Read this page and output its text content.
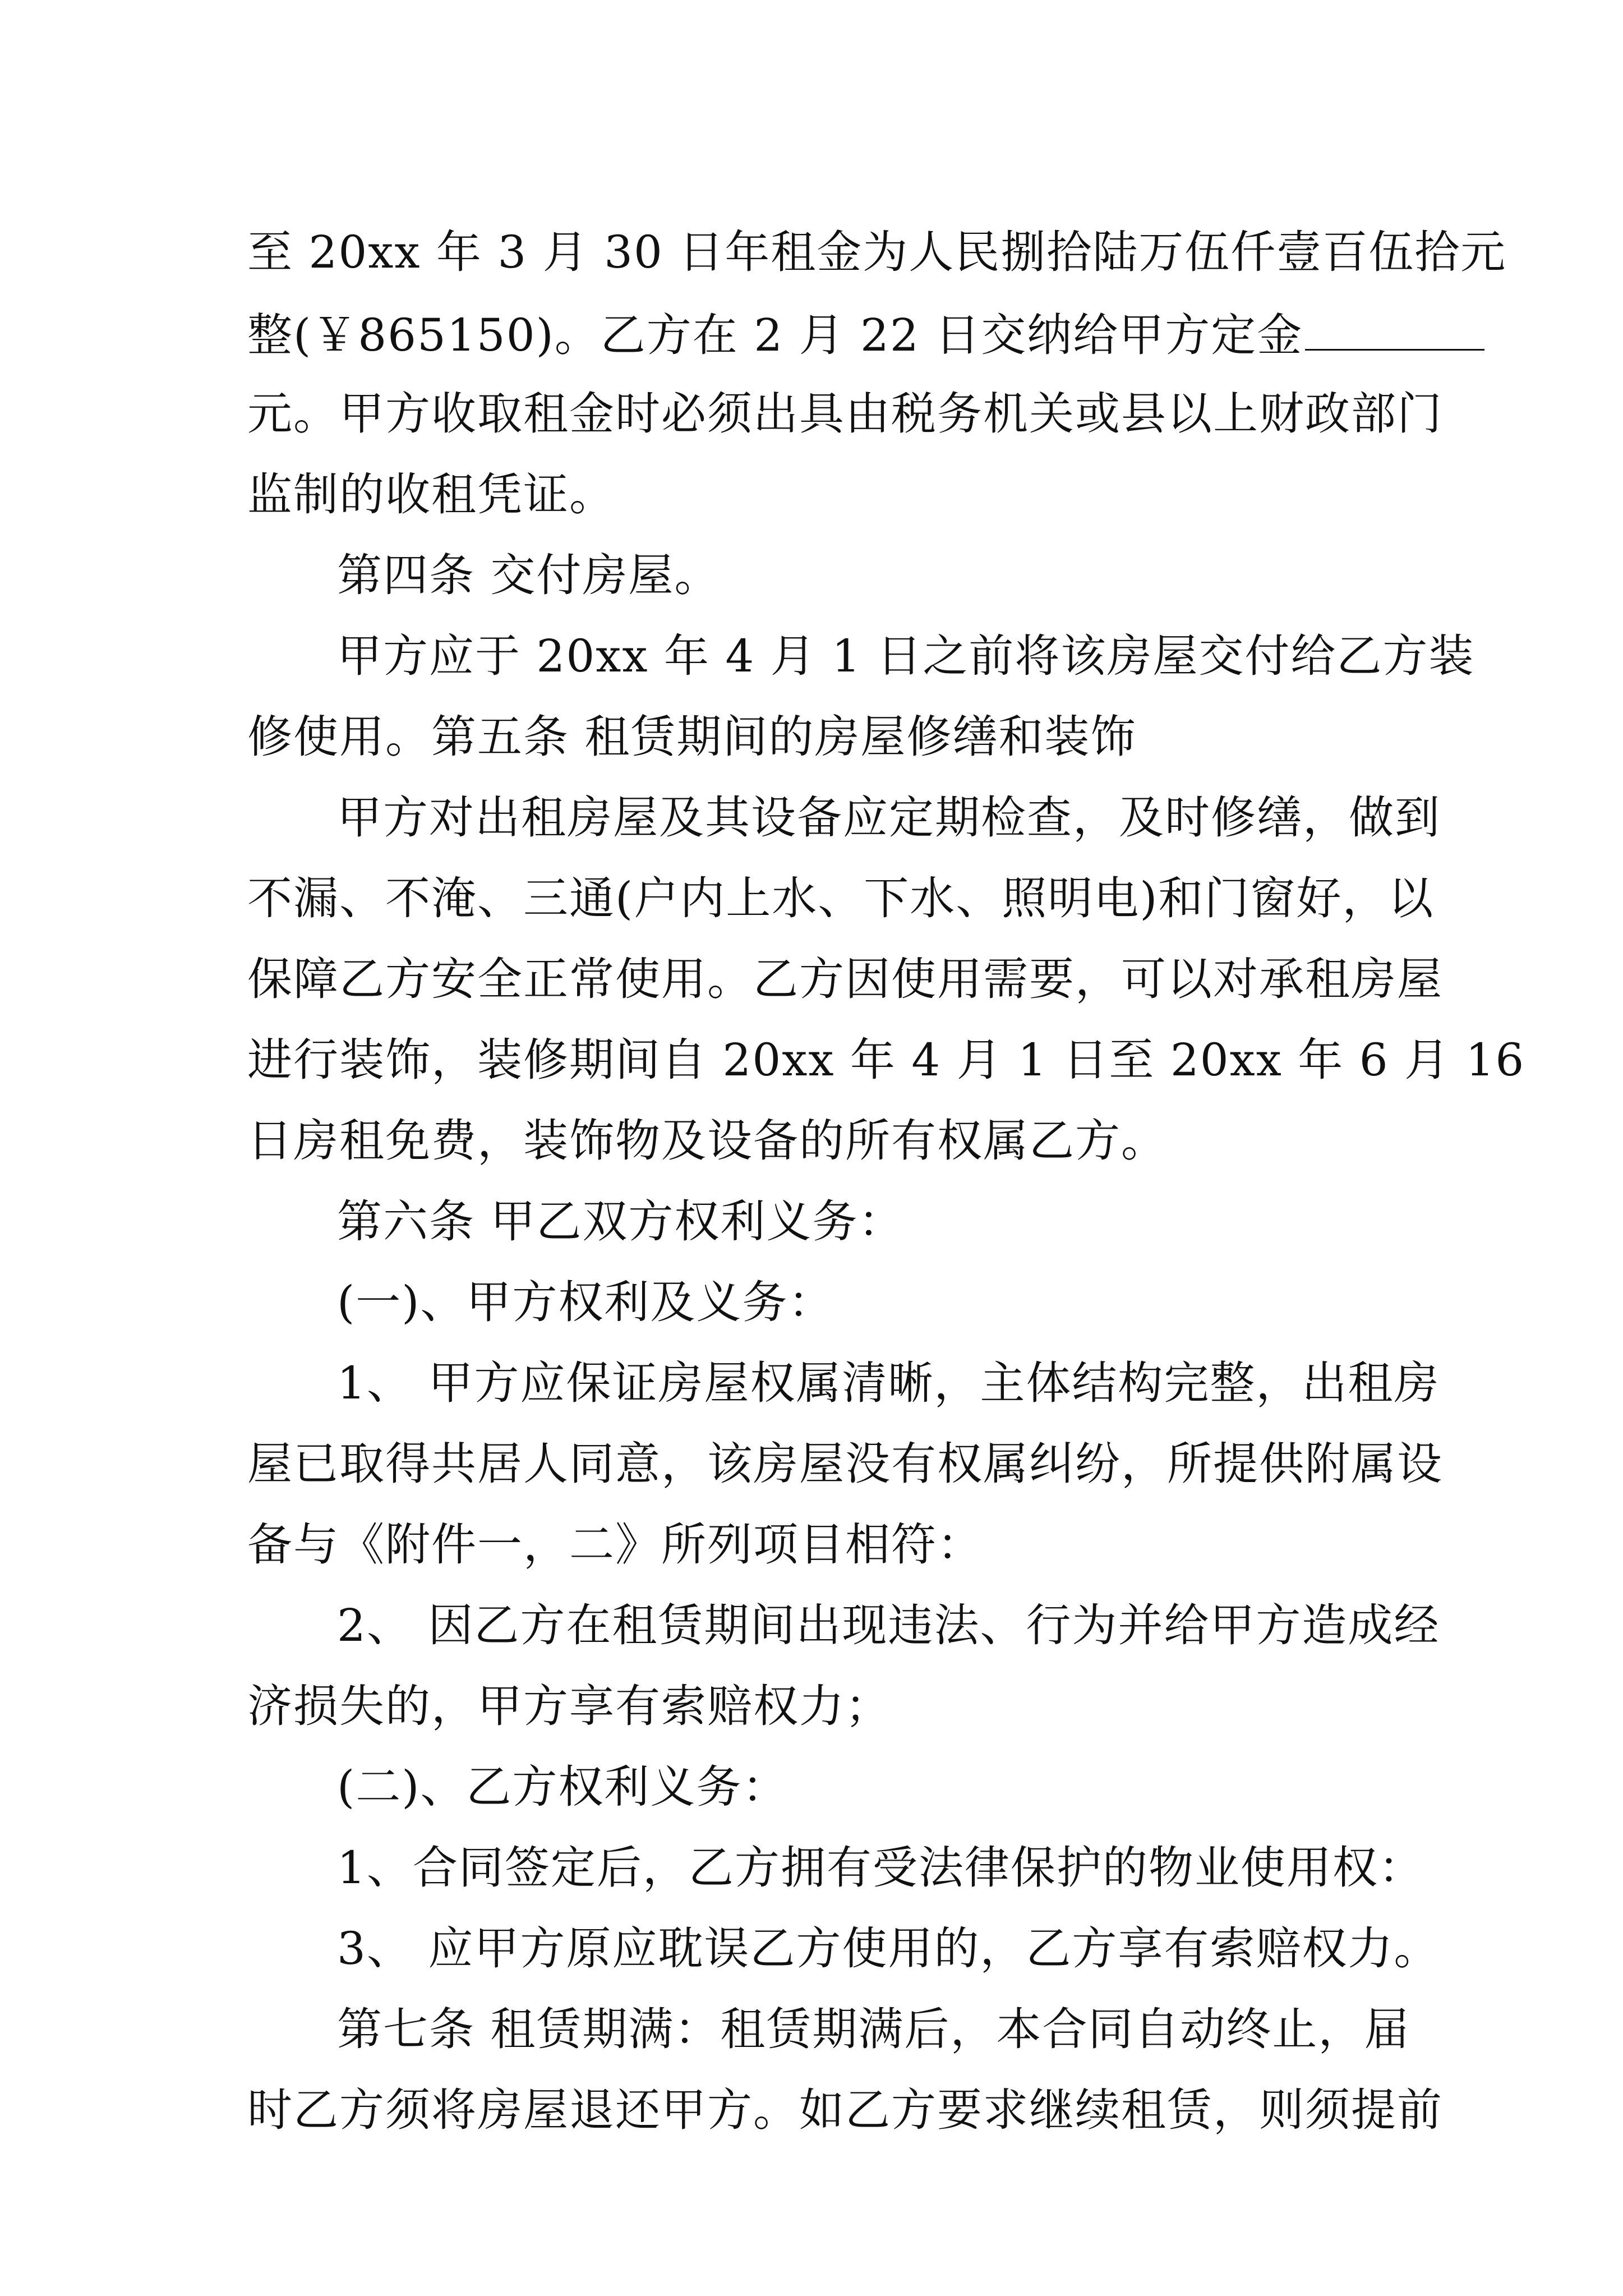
至 20xx 年 3 月 30 日年租金为人民捌拾陆万伍仟壹百伍拾元
整(￥865150)。乙方在 2 月 22 日交纳给甲方定金
元。甲方收取租金时必须出具由税务机关或县以上财政部门
监制的收租凭证。
第四条 交付房屋。
甲方应于 20xx 年 4 月 1 日之前将该房屋交付给乙方装
修使用。第五条 租赁期间的房屋修缮和装饰
甲方对出租房屋及其设备应定期检查，及时修缮，做到
不漏、不淹、三通(户内上水、下水、照明电)和门窗好，以
保障乙方安全正常使用。乙方因使用需要，可以对承租房屋
进行装饰，装修期间自 20xx 年 4 月 1 日至 20xx 年 6 月 16
日房租免费，装饰物及设备的所有权属乙方。
第六条 甲乙双方权利义务：
(一)、甲方权利及义务：
1、 甲方应保证房屋权属清晰，主体结构完整，出租房
屋已取得共居人同意，该房屋没有权属纠纷，所提供附属设
备与《附件一，二》所列项目相符：
2、 因乙方在租赁期间出现违法、行为并给甲方造成经
济损失的，甲方享有索赔权力；
(二)、乙方权利义务：
1、合同签定后，乙方拥有受法律保护的物业使用权：
3、 应甲方原应耽误乙方使用的，乙方享有索赔权力。
第七条 租赁期满：租赁期满后，本合同自动终止，届
时乙方须将房屋退还甲方。如乙方要求继续租赁，则须提前
